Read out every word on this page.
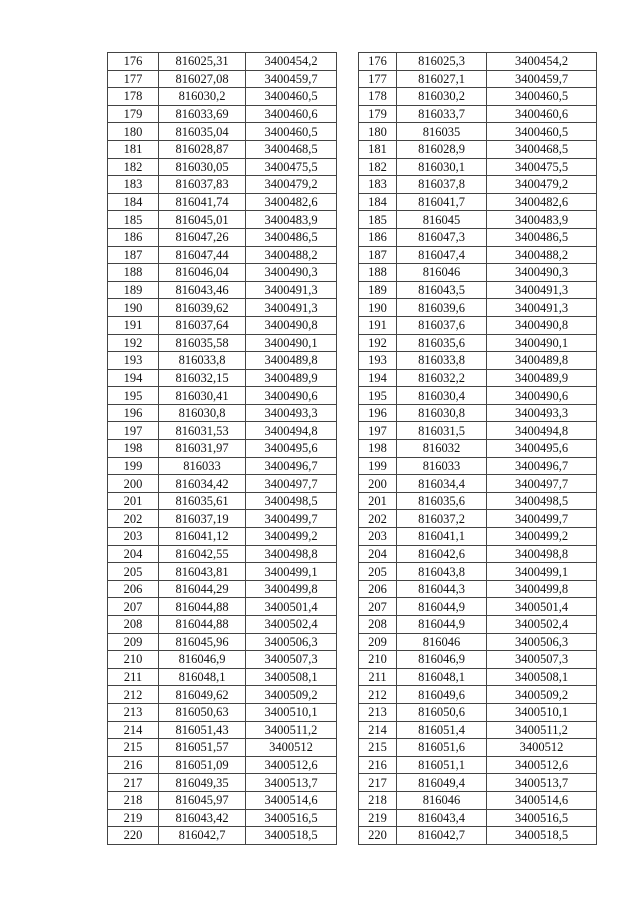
176	816025,31	3400454,2
177	816027,08	3400459,7
178	816030,2	3400460,5
179	816033,69	3400460,6
180	816035,04	3400460,5
181	816028,87	3400468,5
182	816030,05	3400475,5
183	816037,83	3400479,2
184	816041,74	3400482,6
185	816045,01	3400483,9
186	816047,26	3400486,5
187	816047,44	3400488,2
188	816046,04	3400490,3
189	816043,46	3400491,3
190	816039,62	3400491,3
191	816037,64	3400490,8
192	816035,58	3400490,1
193	816033,8	3400489,8
194	816032,15	3400489,9
195	816030,41	3400490,6
196	816030,8	3400493,3
197	816031,53	3400494,8
198	816031,97	3400495,6
199	816033	3400496,7
200	816034,42	3400497,7
201	816035,61	3400498,5
202	816037,19	3400499,7
203	816041,12	3400499,2
204	816042,55	3400498,8
205	816043,81	3400499,1
206	816044,29	3400499,8
207	816044,88	3400501,4
208	816044,88	3400502,4
209	816045,96	3400506,3
210	816046,9	3400507,3
211	816048,1	3400508,1
212	816049,62	3400509,2
213	816050,63	3400510,1
214	816051,43	3400511,2
215	816051,57	3400512
216	816051,09	3400512,6
217	816049,35	3400513,7
218	816045,97	3400514,6
219	816043,42	3400516,5
220	816042,7	3400518,5
176	816025,3	3400454,2
177	816027,1	3400459,7
178	816030,2	3400460,5
179	816033,7	3400460,6
180	816035	3400460,5
181	816028,9	3400468,5
182	816030,1	3400475,5
183	816037,8	3400479,2
184	816041,7	3400482,6
185	816045	3400483,9
186	816047,3	3400486,5
187	816047,4	3400488,2
188	816046	3400490,3
189	816043,5	3400491,3
190	816039,6	3400491,3
191	816037,6	3400490,8
192	816035,6	3400490,1
193	816033,8	3400489,8
194	816032,2	3400489,9
195	816030,4	3400490,6
196	816030,8	3400493,3
197	816031,5	3400494,8
198	816032	3400495,6
199	816033	3400496,7
200	816034,4	3400497,7
201	816035,6	3400498,5
202	816037,2	3400499,7
203	816041,1	3400499,2
204	816042,6	3400498,8
205	816043,8	3400499,1
206	816044,3	3400499,8
207	816044,9	3400501,4
208	816044,9	3400502,4
209	816046	3400506,3
210	816046,9	3400507,3
211	816048,1	3400508,1
212	816049,6	3400509,2
213	816050,6	3400510,1
214	816051,4	3400511,2
215	816051,6	3400512
216	816051,1	3400512,6
217	816049,4	3400513,7
218	816046	3400514,6
219	816043,4	3400516,5
220	816042,7	3400518,5
